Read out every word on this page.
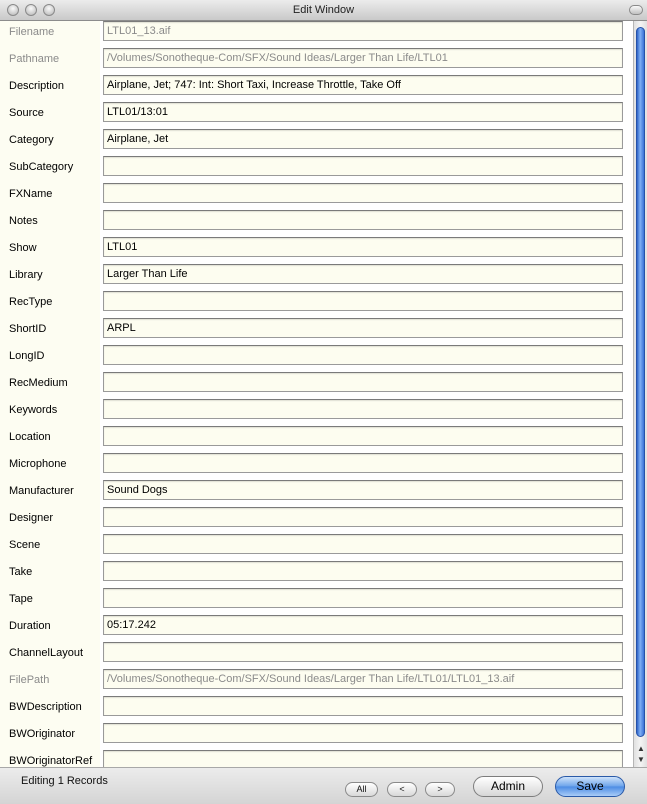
Edit Window
Filename	LTL01_13.aif
Pathname	/Volumes/Sonotheque-Com/SFX/Sound Ideas/Larger Than Life/LTL01
Description	Airplane, Jet; 747: Int: Short Taxi, Increase Throttle, Take Off
Source	LTL01/13:01
Category	Airplane, Jet
SubCategory
FXName
Notes
Show	LTL01
Library	Larger Than Life
RecType
ShortID	ARPL
LongID
RecMedium
Keywords
Location
Microphone
Manufacturer	Sound Dogs
Designer
Scene
Take
Tape
Duration	05:17.242
ChannelLayout
FilePath	/Volumes/Sonotheque-Com/SFX/Sound Ideas/Larger Than Life/LTL01/LTL01_13.aif
BWDescription
BWOriginator
BWOriginatorRef
▲
▼
Editing 1 Records
All	<	>	Admin	Save
